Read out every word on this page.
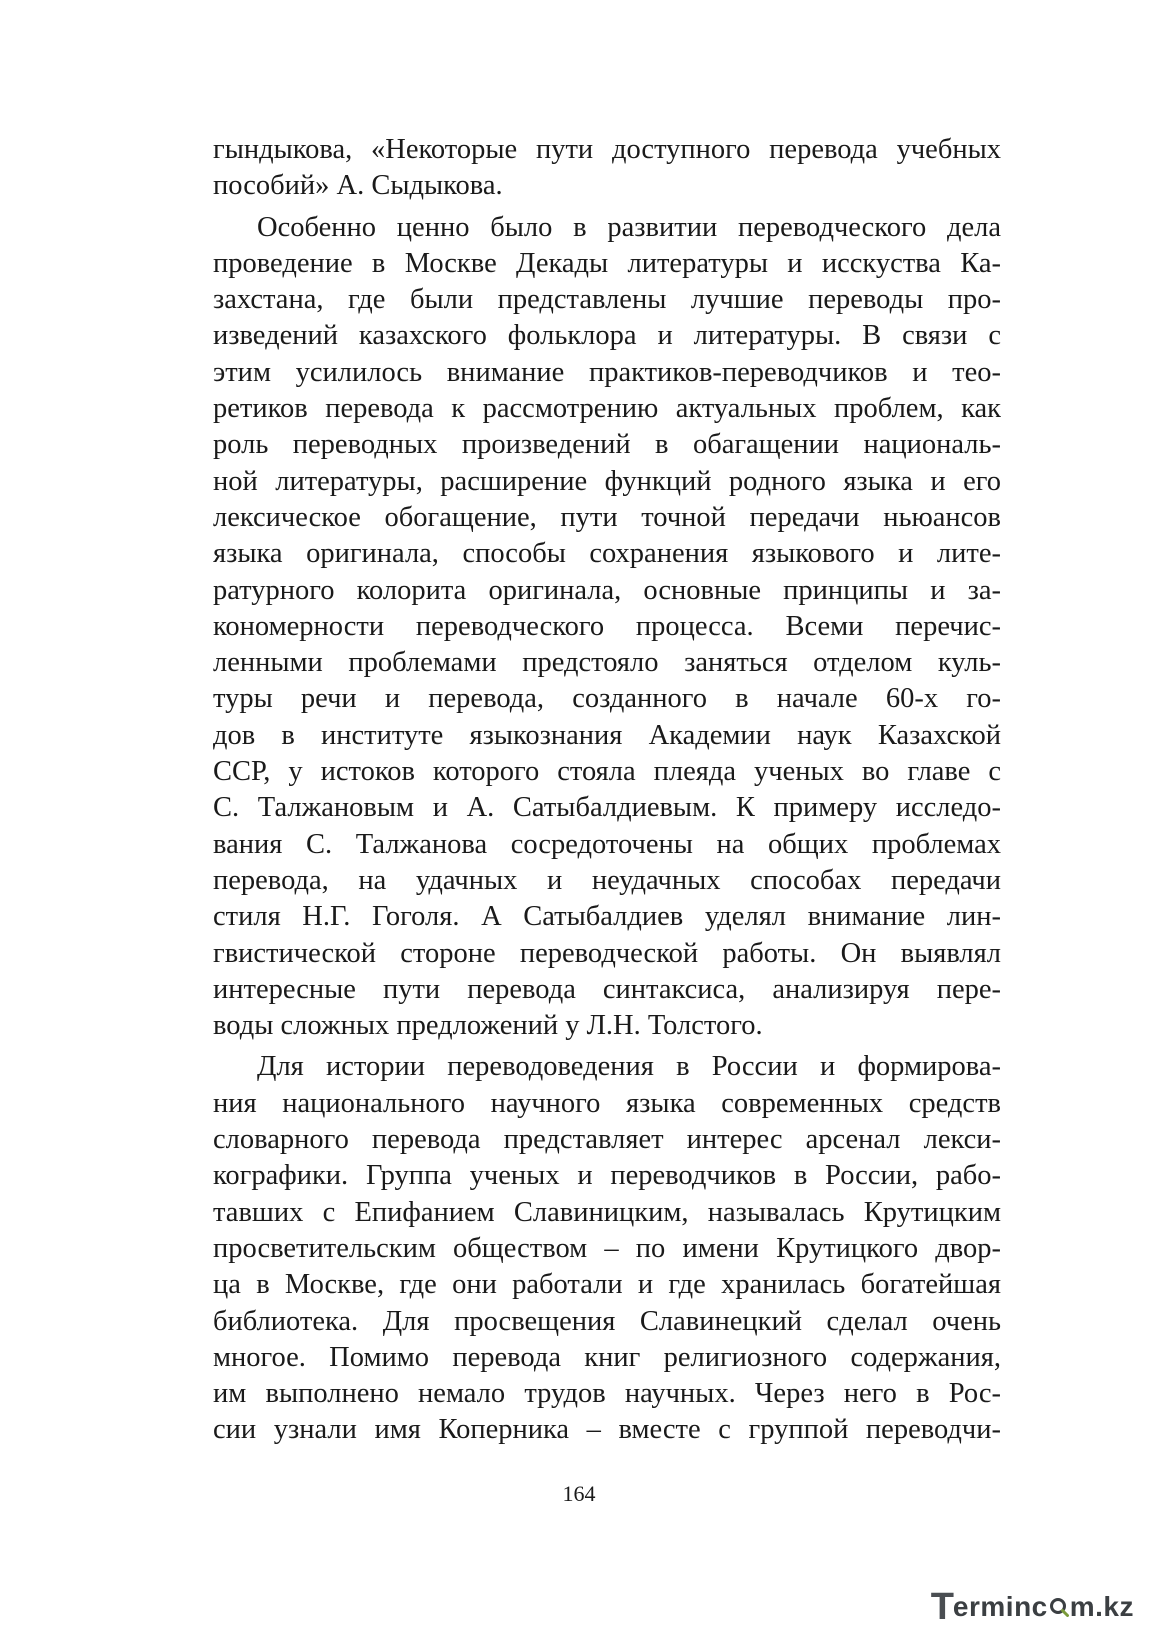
гындыкова, «Некоторые пути доступного перевода учебных
пособий» А. Сыдыкова.
Особенно ценно было в развитии переводческого дела
проведение в Москве Декады литературы и исскуства Ка-
захстана, где были представлены лучшие переводы про-
изведений казахского фольклора и литературы. В связи с
этим усилилось внимание практиков-переводчиков и тео-
ретиков перевода к рассмотрению актуальных проблем, как
роль переводных произведений в обагащении националь-
ной литературы, расширение функций родного языка и его
лексическое обогащение, пути точной передачи ньюансов
языка оригинала, способы сохранения языкового и лите-
ратурного колорита оригинала, основные принципы и за-
кономерности переводческого процесса. Всеми перечис-
ленными проблемами предстояло заняться отделом куль-
туры речи и перевода, созданного в начале 60-х го-
дов в институте языкознания Академии наук Казахской
ССР, у истоков которого стояла плеяда ученых во главе с
С. Талжановым и А. Сатыбалдиевым. К примеру исследо-
вания С. Талжанова сосредоточены на общих проблемах
перевода, на удачных и неудачных способах передачи
стиля Н.Г. Гоголя. А Сатыбалдиев уделял внимание лин-
гвистической стороне переводческой работы. Он выявлял
интересные пути перевода синтаксиса, анализируя пере-
воды сложных предложений у Л.Н. Толстого.
Для истории переводоведения в России и формирова-
ния национального научного языка современных средств
словарного перевода представляет интерес арсенал лекси-
кографики. Группа ученых и переводчиков в России, рабо-
тавших с Епифанием Славиницким, называлась Крутицким
просветительским обществом – по имени Крутицкого двор-
ца в Москве, где они работали и где хранилась богатейшая
библиотека. Для просвещения Славинецкий сделал очень
многое. Помимо перевода книг религиозного содержания,
им выполнено немало трудов научных. Через него в Рос-
сии узнали имя Коперника – вместе с группой переводчи-
164
T erminc m.kz
